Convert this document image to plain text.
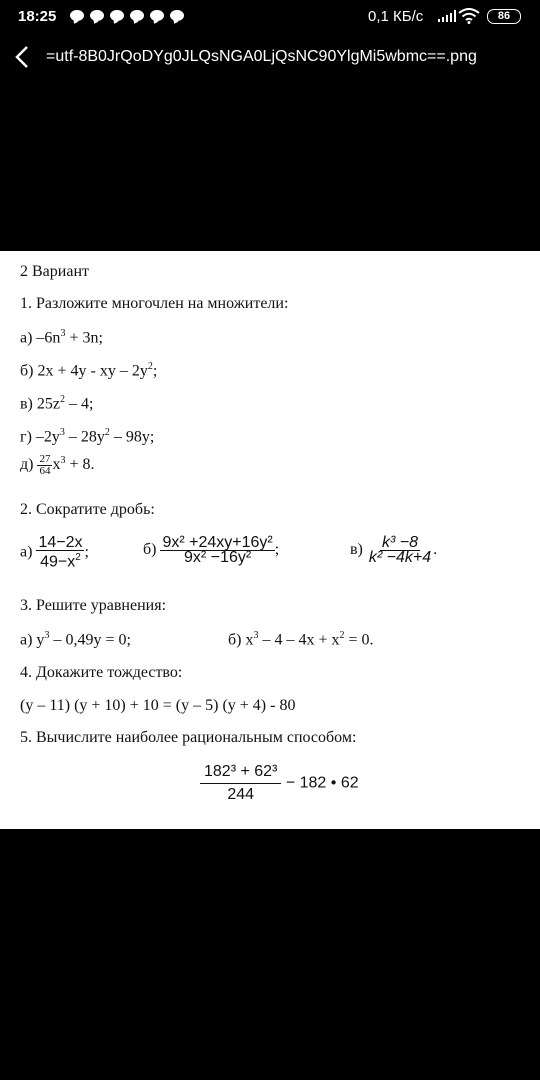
18:25	0,1 КБ/с	86
=utf-8B0JrQoDYg0JLQsNGA0LjQsNC90YlgMi5wbmc==.png
2 Вариант
1. Разложите многочлен на множители:
а) $-6n^3 + 3n$;
б) 2x + 4y - xy – $2y^2$;
в) $25z^2 - 4$;
г) $-2y^3 - 28y^2 - 98y$;
$д) \frac{27}{64} x^3 + 8$.
2. Сократите дробь:
$а) \frac{14-2x}{49-x^2}$ ;	$б) \frac{\text{9x² +24xy+16y²}}{\text{9x² −16y²}}$ ;	$в) \frac{\text{k³ −8}}{\text{k² −4k+4}}$ .
3. Решите уравнения:
а) $y^3 - 0,49y = 0$;	б) $x^3 - 4 - 4x + x^2 = 0$.
4. Докажите тождество:
(y – 11) (y + 10) + 10 = (y – 5) (y + 4) - 80
5. Вычислите наиболее рациональным способом:
$\frac{\text{182³ + 62³}}{244} - 182$ • 62
